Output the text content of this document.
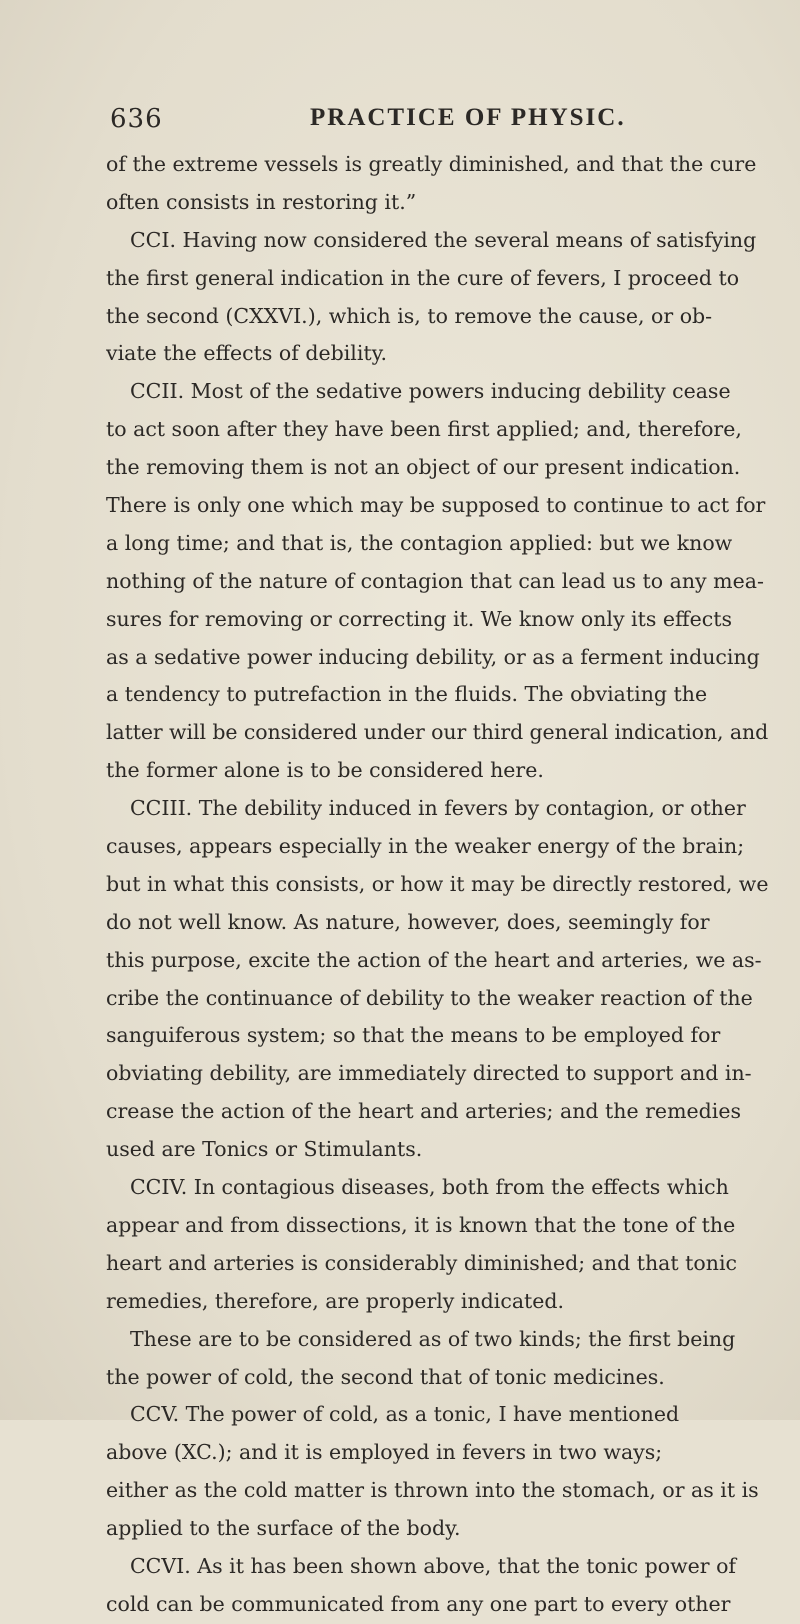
636	PRACTICE OF PHYSIC.
of the extreme vessels is greatly diminished, and that the cure
often consists in restoring it.”
CCI. Having now considered the several means of satisfying
the first general indication in the cure of fevers, I proceed to
the second (CXXVI.), which is, to remove the cause, or ob-
viate the effects of debility.
CCII. Most of the sedative powers inducing debility cease
to act soon after they have been first applied; and, therefore,
the removing them is not an object of our present indication.
There is only one which may be supposed to continue to act for
a long time; and that is, the contagion applied: but we know
nothing of the nature of contagion that can lead us to any mea-
sures for removing or correcting it. We know only its effects
as a sedative power inducing debility, or as a ferment inducing
a tendency to putrefaction in the fluids. The obviating the
latter will be considered under our third general indication, and
the former alone is to be considered here.
CCIII. The debility induced in fevers by contagion, or other
causes, appears especially in the weaker energy of the brain;
but in what this consists, or how it may be directly restored, we
do not well know. As nature, however, does, seemingly for
this purpose, excite the action of the heart and arteries, we as-
cribe the continuance of debility to the weaker reaction of the
sanguiferous system; so that the means to be employed for
obviating debility, are immediately directed to support and in-
crease the action of the heart and arteries; and the remedies
used are Tonics or Stimulants.
CCIV. In contagious diseases, both from the effects which
appear and from dissections, it is known that the tone of the
heart and arteries is considerably diminished; and that tonic
remedies, therefore, are properly indicated.
These are to be considered as of two kinds; the first being
the power of cold, the second that of tonic medicines.
CCV. The power of cold, as a tonic, I have mentioned
above (XC.); and it is employed in fevers in two ways;
either as the cold matter is thrown into the stomach, or as it is
applied to the surface of the body.
CCVI. As it has been shown above, that the tonic power of
cold can be communicated from any one part to every other
